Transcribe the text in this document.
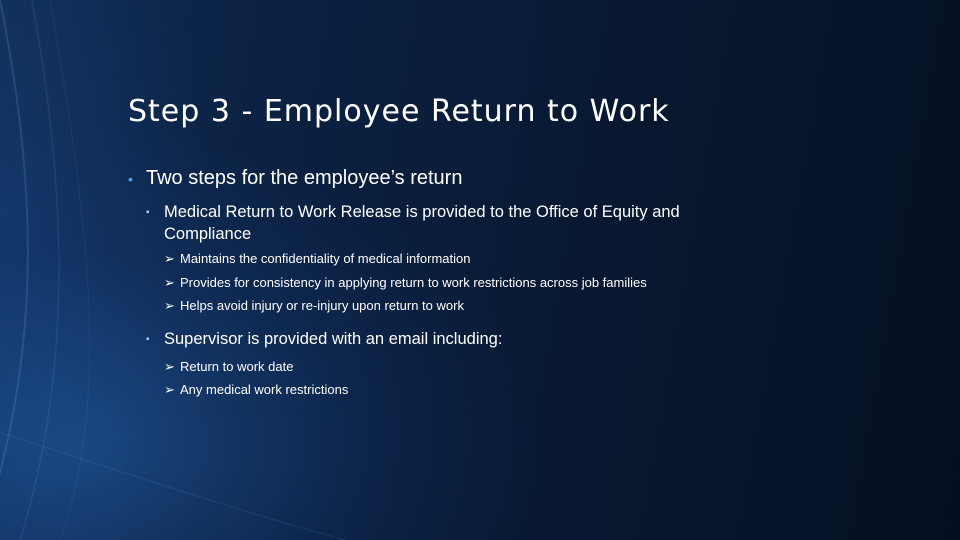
Step 3 - Employee Return to Work
• Two steps for the employee’s return
▪ Medical Return to Work Release is provided to the Office of Equity and Compliance
➢ Maintains the confidentiality of medical information
➢ Provides for consistency in applying return to work restrictions across job families
➢ Helps avoid injury or re-injury upon return to work
▪ Supervisor is provided with an email including:
➢ Return to work date
➢ Any medical work restrictions
